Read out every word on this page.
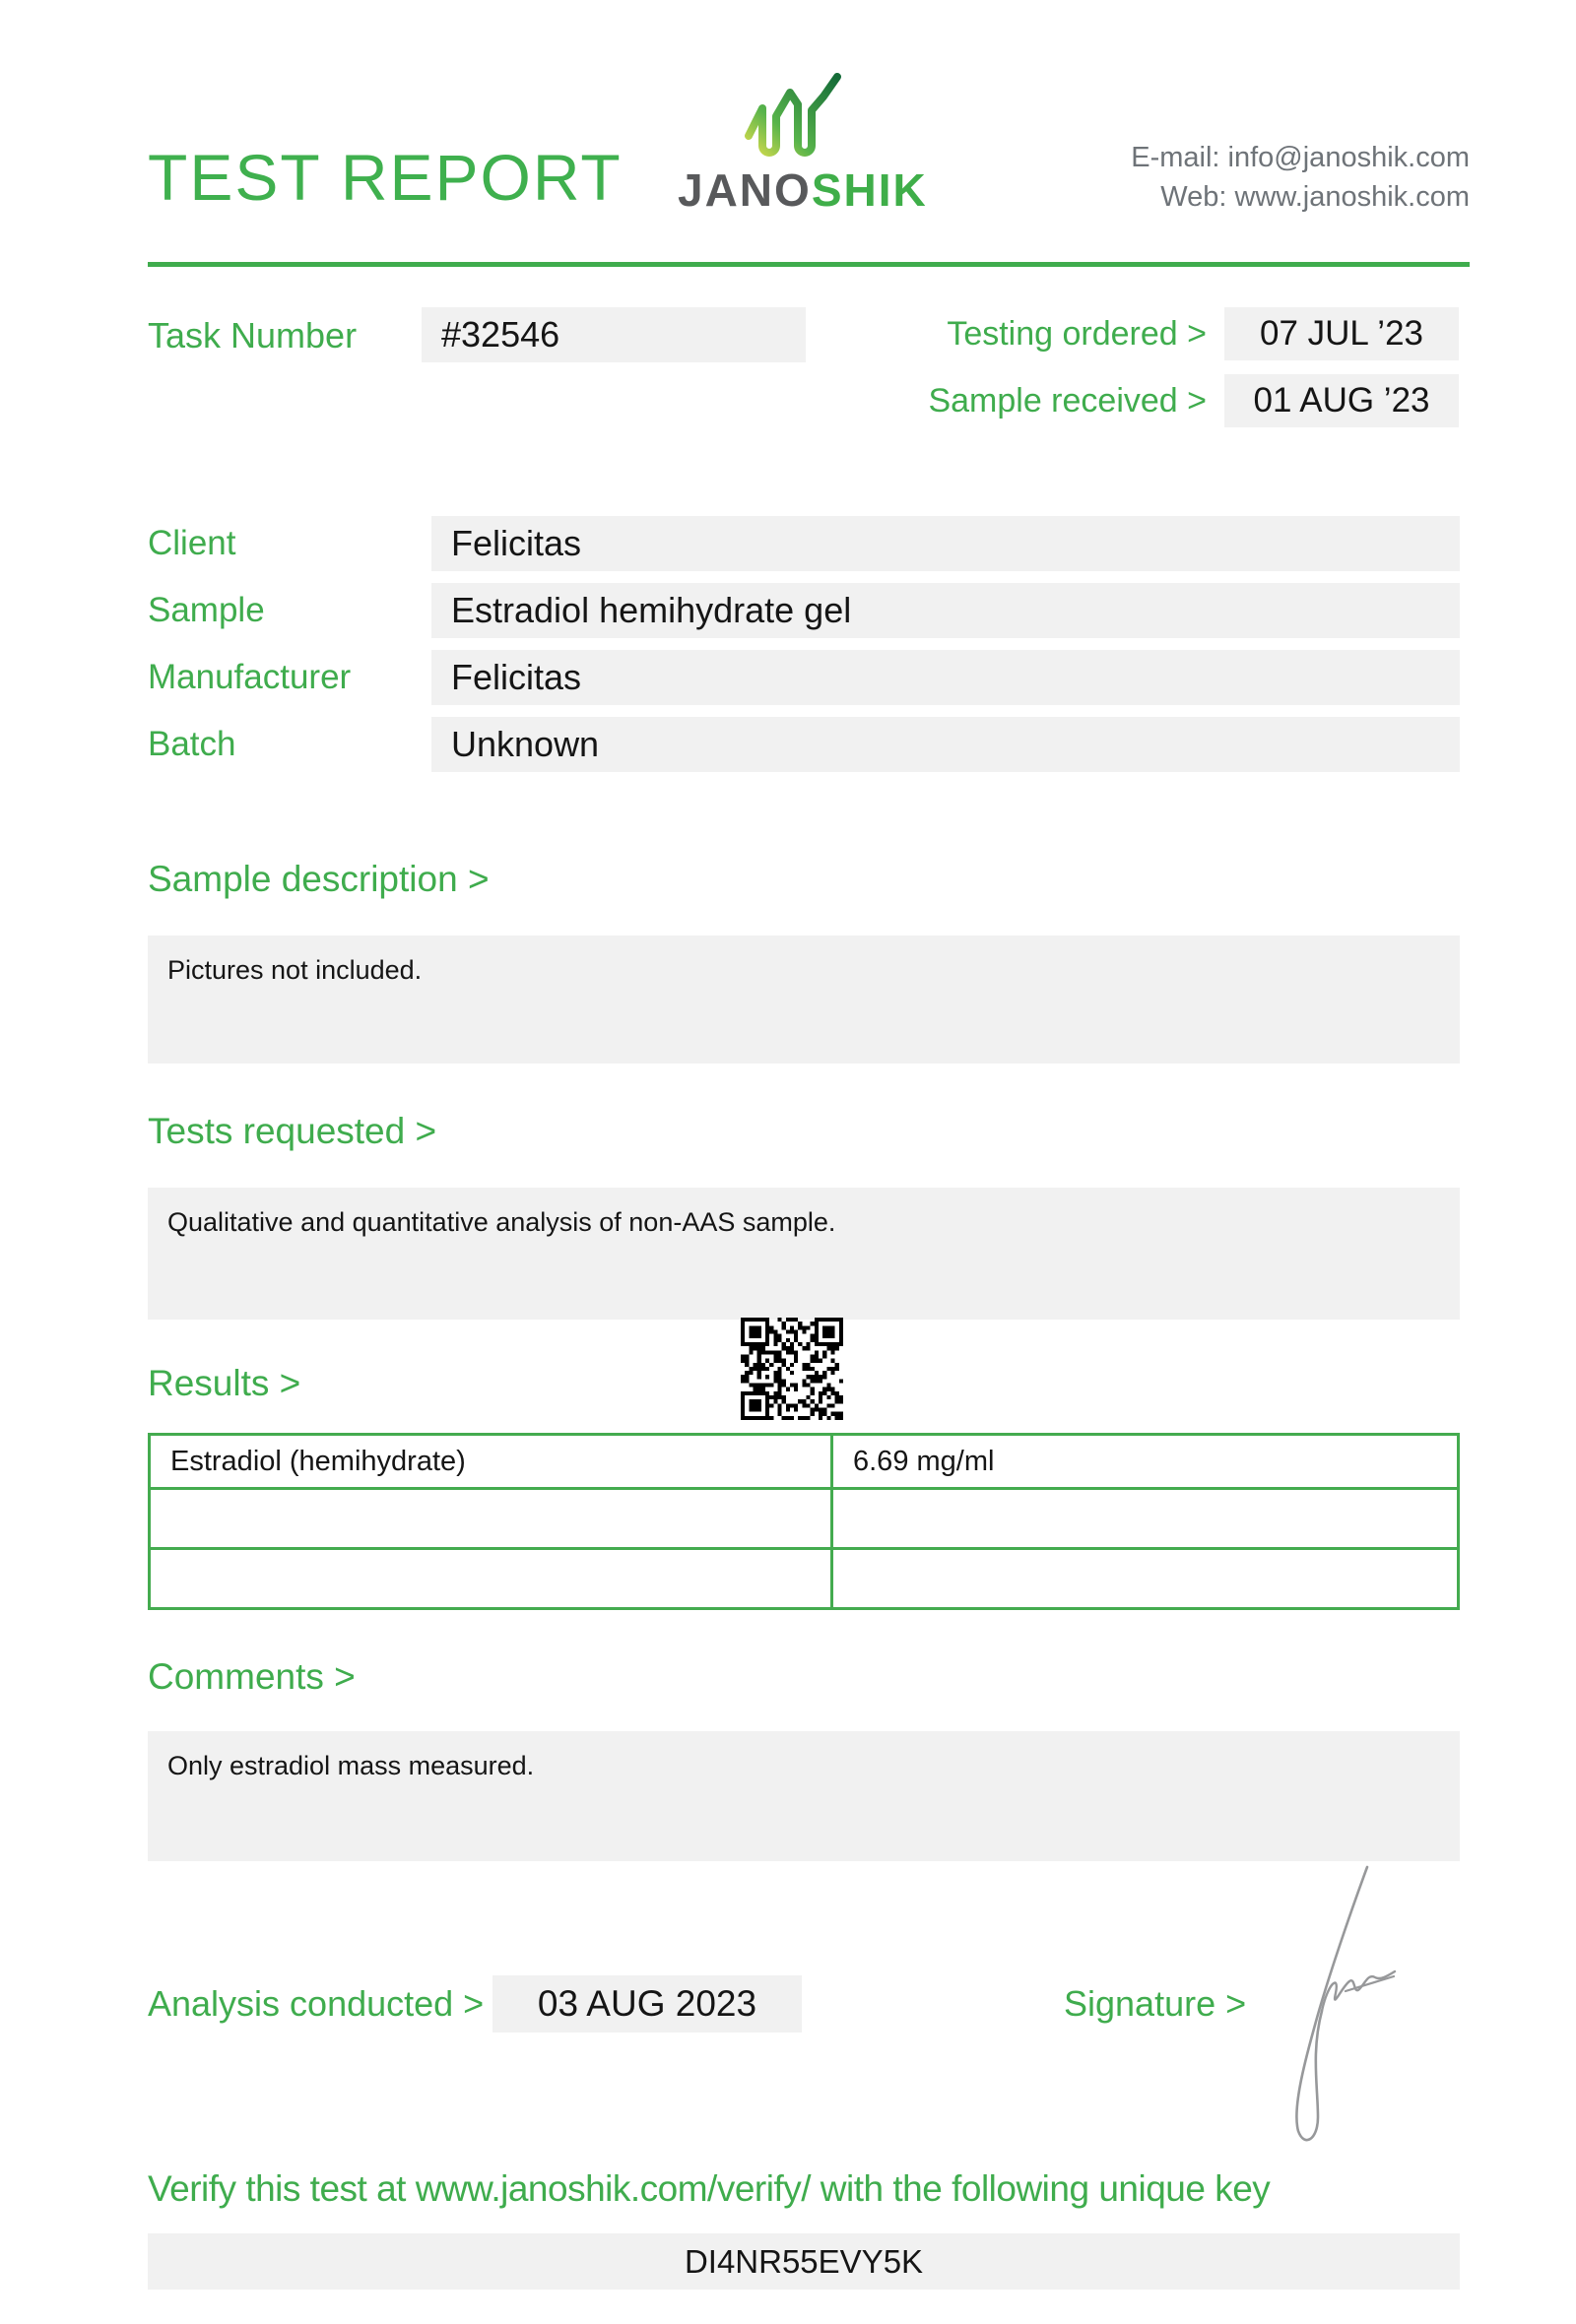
TEST REPORT JANOSHIK
E-mail: info@janoshik.com
Web: www.janoshik.com
Task Number	#32546	Testing ordered >	07 JUL ’23
Sample received >	01 AUG ’23
Client	Felicitas
Sample	Estradiol hemihydrate gel
Manufacturer	Felicitas
Batch	Unknown
Sample description >
Pictures not included.
Tests requested >
Qualitative and quantitative analysis of non-AAS sample.
Results >
Estradiol (hemihydrate)	6.69 mg/ml

Comments >
Only estradiol mass measured.
Analysis conducted >	03 AUG 2023	Signature >
Verify this test at www.janoshik.com/verify/ with the following unique key
DI4NR55EVY5K
